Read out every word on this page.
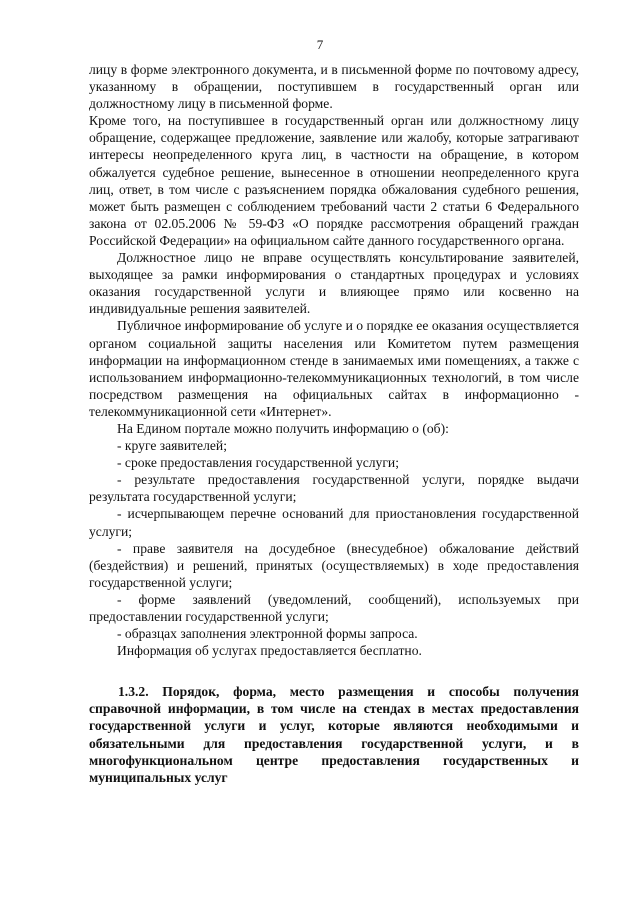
7

лицу в форме электронного документа, и в письменной форме по почтовому адресу, указанному в обращении, поступившем в государственный орган или должностному лицу в письменной форме.

Кроме того, на поступившее в государственный орган или должностному лицу обращение, содержащее предложение, заявление или жалобу, которые затрагивают интересы неопределенного круга лиц, в частности на обращение, в котором обжалуется судебное решение, вынесенное в отношении неопределенного круга лиц, ответ, в том числе с разъяснением порядка обжалования судебного решения, может быть размещен с соблюдением требований части 2 статьи 6 Федерального закона от 02.05.2006 № 59-ФЗ «О порядке рассмотрения обращений граждан Российской Федерации» на официальном сайте данного государственного органа.

Должностное лицо не вправе осуществлять консультирование заявителей, выходящее за рамки информирования о стандартных процедурах и условиях оказания государственной услуги и влияющее прямо или косвенно на индивидуальные решения заявителей.

Публичное информирование об услуге и о порядке ее оказания осуществляется органом социальной защиты населения или Комитетом путем размещения информации на информационном стенде в занимаемых ими помещениях, а также с использованием информационно-телекоммуникационных технологий, в том числе посредством размещения на официальных сайтах в информационно - телекоммуникационной сети «Интернет».

На Едином портале можно получить информацию о (об):

- круге заявителей;

- сроке предоставления государственной услуги;

- результате предоставления государственной услуги, порядке выдачи результата государственной услуги;

- исчерпывающем перечне оснований для приостановления государственной услуги;

- праве заявителя на досудебное (внесудебное) обжалование действий (бездействия) и решений, принятых (осуществляемых) в ходе предоставления государственной услуги;

- форме заявлений (уведомлений, сообщений), используемых при предоставлении государственной услуги;

- образцах заполнения электронной формы запроса.

Информация об услугах предоставляется бесплатно.

1.3.2. Порядок, форма, место размещения и способы получения справочной информации, в том числе на стендах в местах предоставления государственной услуги и услуг, которые являются необходимыми и обязательными для предоставления государственной услуги, и в многофункциональном центре предоставления государственных и муниципальных услуг
